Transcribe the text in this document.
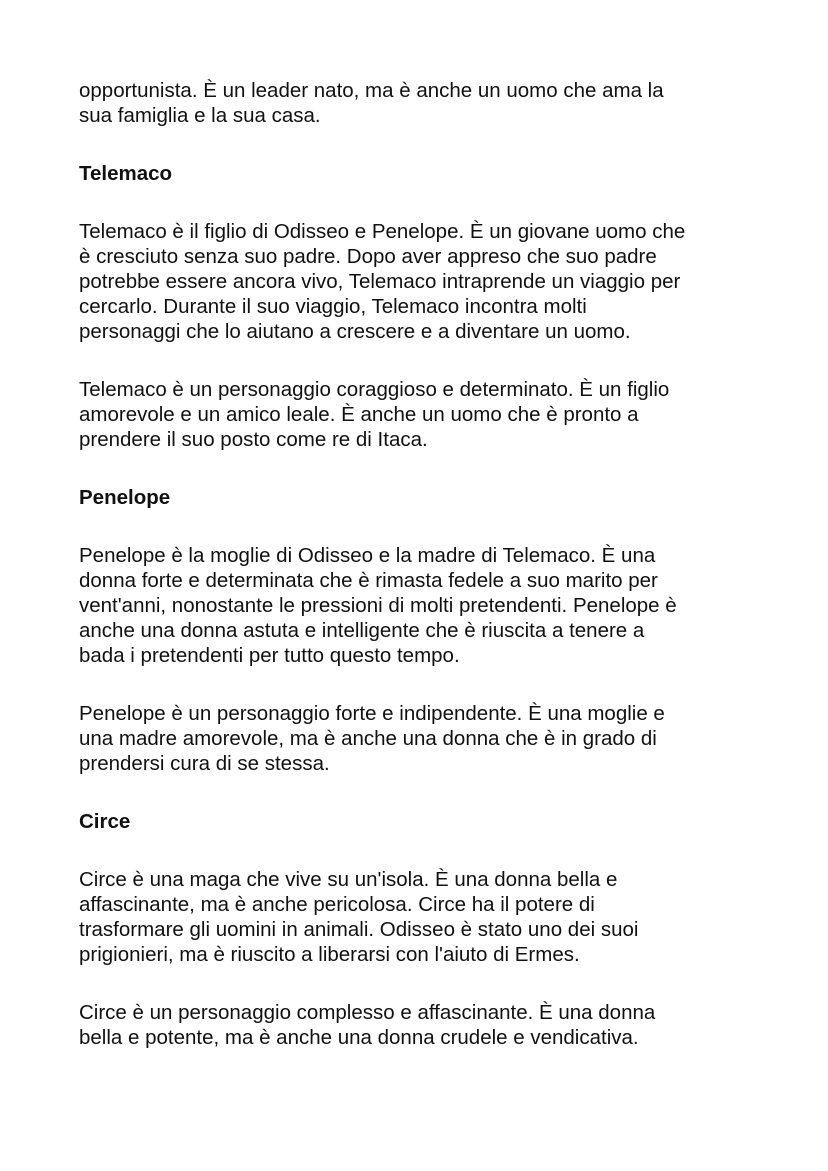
opportunista. È un leader nato, ma è anche un uomo che ama la
sua famiglia e la sua casa.

Telemaco

Telemaco è il figlio di Odisseo e Penelope. È un giovane uomo che
è cresciuto senza suo padre. Dopo aver appreso che suo padre
potrebbe essere ancora vivo, Telemaco intraprende un viaggio per
cercarlo. Durante il suo viaggio, Telemaco incontra molti
personaggi che lo aiutano a crescere e a diventare un uomo.

Telemaco è un personaggio coraggioso e determinato. È un figlio
amorevole e un amico leale. È anche un uomo che è pronto a
prendere il suo posto come re di Itaca.

Penelope

Penelope è la moglie di Odisseo e la madre di Telemaco. È una
donna forte e determinata che è rimasta fedele a suo marito per
vent'anni, nonostante le pressioni di molti pretendenti. Penelope è
anche una donna astuta e intelligente che è riuscita a tenere a
bada i pretendenti per tutto questo tempo.

Penelope è un personaggio forte e indipendente. È una moglie e
una madre amorevole, ma è anche una donna che è in grado di
prendersi cura di se stessa.

Circe

Circe è una maga che vive su un'isola. È una donna bella e
affascinante, ma è anche pericolosa. Circe ha il potere di
trasformare gli uomini in animali. Odisseo è stato uno dei suoi
prigionieri, ma è riuscito a liberarsi con l'aiuto di Ermes.

Circe è un personaggio complesso e affascinante. È una donna
bella e potente, ma è anche una donna crudele e vendicativa.
